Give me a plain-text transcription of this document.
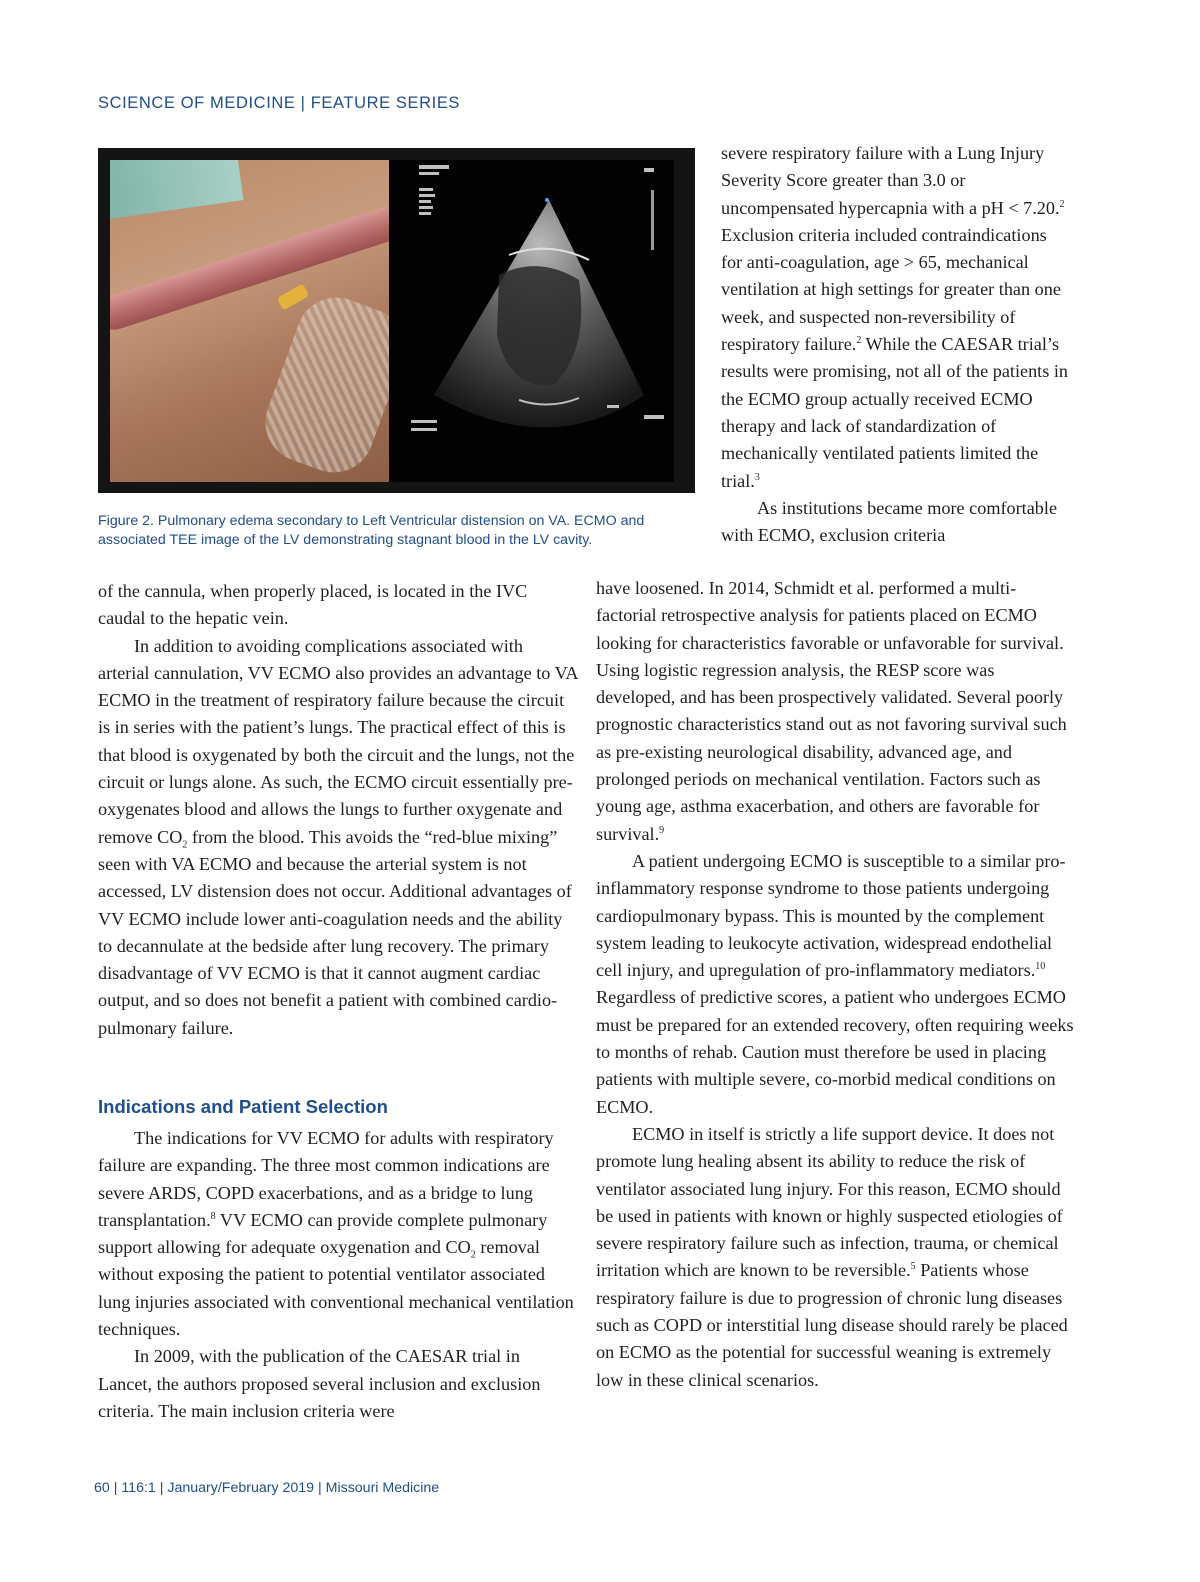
SCIENCE OF MEDICINE | FEATURE SERIES
Figure 2. Pulmonary edema secondary to Left Ventricular distension on VA. ECMO and associated TEE image of the LV demonstrating stagnant blood in the LV cavity.

severe respiratory failure with a Lung Injury Severity Score greater than 3.0 or uncompensated hypercapnia with a pH < 7.20.$^2$ Exclusion criteria included contraindications for anti-coagulation, age > 65, mechanical ventilation at high settings for greater than one week, and suspected non-reversibility of respiratory failure.$^2$ While the CAESAR trial’s results were promising, not all of the patients in the ECMO group actually received ECMO therapy and lack of standardization of mechanically ventilated patients limited the trial.$^3$

As institutions became more comfortable with ECMO, exclusion criteria

have loosened. In 2014, Schmidt et al. performed a multi-factorial retrospective analysis for patients placed on ECMO looking for characteristics favorable or unfavorable for survival. Using logistic regression analysis, the RESP score was developed, and has been prospectively validated. Several poorly prognostic characteristics stand out as not favoring survival such as pre-existing neurological disability, advanced age, and prolonged periods on mechanical ventilation. Factors such as young age, asthma exacerbation, and others are favorable for survival.$^9$

A patient undergoing ECMO is susceptible to a similar pro-inflammatory response syndrome to those patients undergoing cardiopulmonary bypass. This is mounted by the complement system leading to leukocyte activation, widespread endothelial cell injury, and upregulation of pro-inflammatory mediators.$^{10}$ Regardless of predictive scores, a patient who undergoes ECMO must be prepared for an extended recovery, often requiring weeks to months of rehab. Caution must therefore be used in placing patients with multiple severe, co-morbid medical conditions on ECMO.

ECMO in itself is strictly a life support device. It does not promote lung healing absent its ability to reduce the risk of ventilator associated lung injury. For this reason, ECMO should be used in patients with known or highly suspected etiologies of severe respiratory failure such as infection, trauma, or chemical irritation which are known to be reversible.$^5$ Patients whose respiratory failure is due to progression of chronic lung diseases such as COPD or interstitial lung disease should rarely be placed on ECMO as the potential for successful weaning is extremely low in these clinical scenarios.

of the cannula, when properly placed, is located in the IVC caudal to the hepatic vein.

In addition to avoiding complications associated with arterial cannulation, VV ECMO also provides an advantage to VA ECMO in the treatment of respiratory failure because the circuit is in series with the patient’s lungs. The practical effect of this is that blood is oxygenated by both the circuit and the lungs, not the circuit or lungs alone. As such, the ECMO circuit essentially pre-oxygenates blood and allows the lungs to further oxygenate and remove $CO_2$ from the blood. This avoids the “red-blue mixing” seen with VA ECMO and because the arterial system is not accessed, LV distension does not occur. Additional advantages of VV ECMO include lower anti-coagulation needs and the ability to decannulate at the bedside after lung recovery. The primary disadvantage of VV ECMO is that it cannot augment cardiac output, and so does not benefit a patient with combined cardio-pulmonary failure.

Indications and Patient Selection

The indications for VV ECMO for adults with respiratory failure are expanding. The three most common indications are severe ARDS, COPD exacerbations, and as a bridge to lung transplantation.$^8$ VV ECMO can provide complete pulmonary support allowing for adequate oxygenation and $CO_2$ removal without exposing the patient to potential ventilator associated lung injuries associated with conventional mechanical ventilation techniques.

In 2009, with the publication of the CAESAR trial in Lancet, the authors proposed several inclusion and exclusion criteria. The main inclusion criteria were

60 | 116:1 | January/February 2019 | Missouri Medicine
